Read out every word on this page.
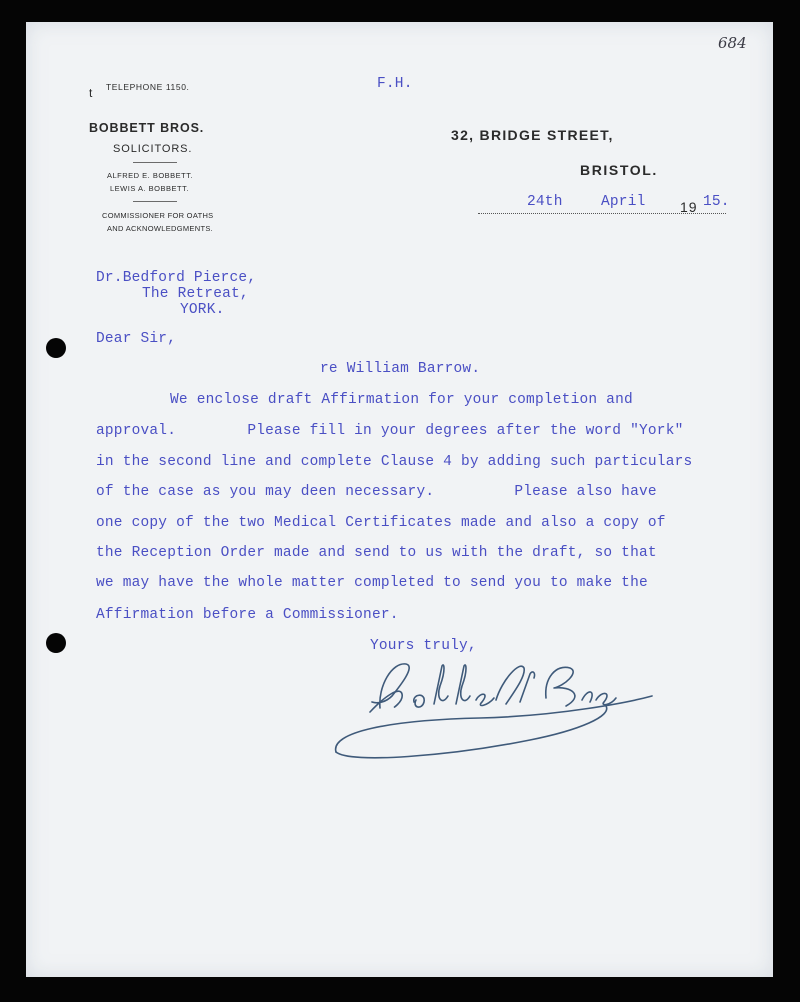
684
t TELEPHONE 1150.
BOBBETT BROS.
SOLICITORS.
ALFRED E. BOBBETT.
LEWIS A. BOBBETT.
COMMISSIONER FOR OATHS
AND ACKNOWLEDGMENTS.
F.H.
32, BRIDGE STREET,
BRISTOL.
24th	April 19 15.
Dr.Bedford Pierce,
The Retreat,
YORK.
Dear Sir,
re William Barrow.
We enclose draft Affirmation for your completion and
approval.        Please fill in your degrees after the word "York"
in the second line and complete Clause 4 by adding such particulars
of the case as you may deen necessary.         Please also have
one copy of the two Medical Certificates made and also a copy of
the Reception Order made and send to us with the draft, so that
we may have the whole matter completed to send you to make the
Affirmation before a Commissioner.
Yours truly,
